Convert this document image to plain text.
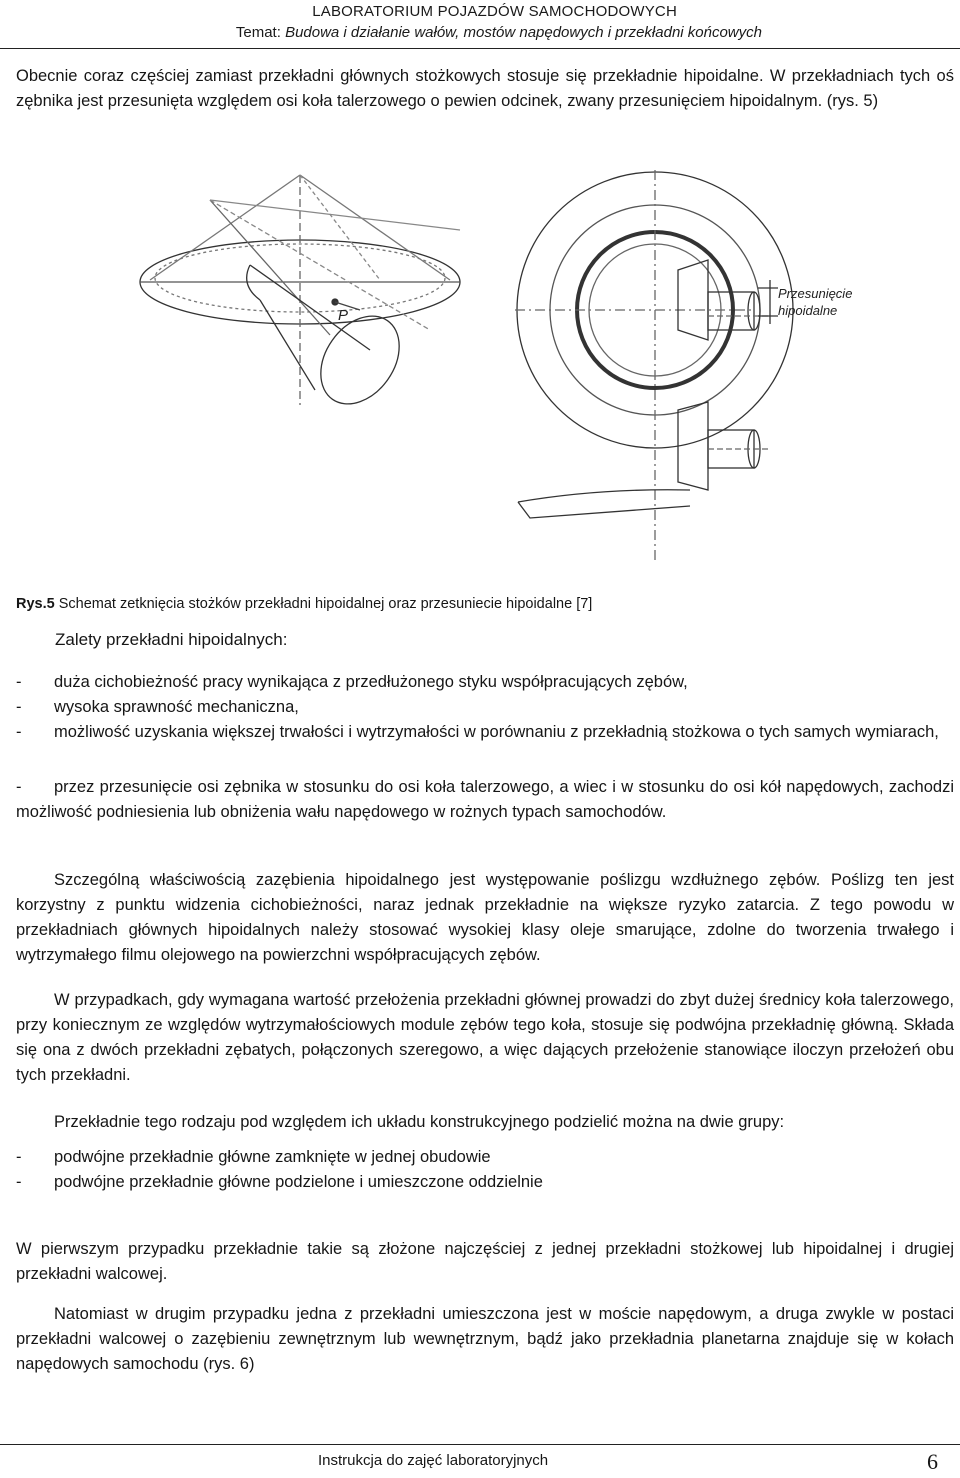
LABORATORIUM POJAZDÓW SAMOCHODOWYCH
Temat: Budowa i działanie wałów, mostów napędowych i przekładni końcowych

Obecnie coraz częściej zamiast przekładni głównych stożkowych stosuje się przekładnie hipoidalne. W przekładniach tych oś zębnika jest przesunięta względem osi koła talerzowego o pewien odcinek, zwany przesunięciem hipoidalnym. (rys. 5)

P
Przesunięcie
hipoidalne
Rys.5 Schemat zetknięcia stożków przekładni hipoidalnej oraz przesuniecie hipoidalne [7]
Zalety przekładni hipoidalnych:
- duża cichobieżność pracy wynikająca z przedłużonego styku współpracujących zębów,
- wysoka sprawność mechaniczna,
- możliwość uzyskania większej trwałości i wytrzymałości w porównaniu z przekładnią stożkowa o tych samych wymiarach,
- przez przesunięcie osi zębnika w stosunku do osi koła talerzowego, a wiec i w stosunku do osi kół napędowych, zachodzi możliwość podniesienia lub obniżenia wału napędowego w rożnych typach samochodów.

Szczególną właściwością zazębienia hipoidalnego jest występowanie poślizgu wzdłużnego zębów. Poślizg ten jest korzystny z punktu widzenia cichobieżności, naraz jednak przekładnie na większe ryzyko zatarcia. Z tego powodu w przekładniach głównych hipoidalnych należy stosować wysokiej klasy oleje smarujące, zdolne do tworzenia trwałego i wytrzymałego filmu olejowego na powierzchni współpracujących zębów.

W przypadkach, gdy wymagana wartość przełożenia przekładni głównej prowadzi do zbyt dużej średnicy koła talerzowego, przy koniecznym ze względów wytrzymałościowych module zębów tego koła, stosuje się podwójna przekładnię główną. Składa się ona z dwóch przekładni zębatych, połączonych szeregowo, a więc dających przełożenie stanowiące iloczyn przełożeń obu tych przekładni.

Przekładnie tego rodzaju pod względem ich układu konstrukcyjnego podzielić można na dwie grupy:

- podwójne przekładnie główne zamknięte w jednej obudowie
- podwójne przekładnie główne podzielone i umieszczone oddzielnie

W pierwszym przypadku przekładnie takie są złożone najczęściej z jednej przekładni stożkowej lub hipoidalnej i drugiej przekładni walcowej.

Natomiast w drugim przypadku jedna z przekładni umieszczona jest w moście napędowym, a druga zwykle w postaci przekładni walcowej o zazębieniu zewnętrznym lub wewnętrznym, bądź jako przekładnia planetarna znajduje się w kołach napędowych samochodu (rys. 6)

Instrukcja do zajęć laboratoryjnych	6
